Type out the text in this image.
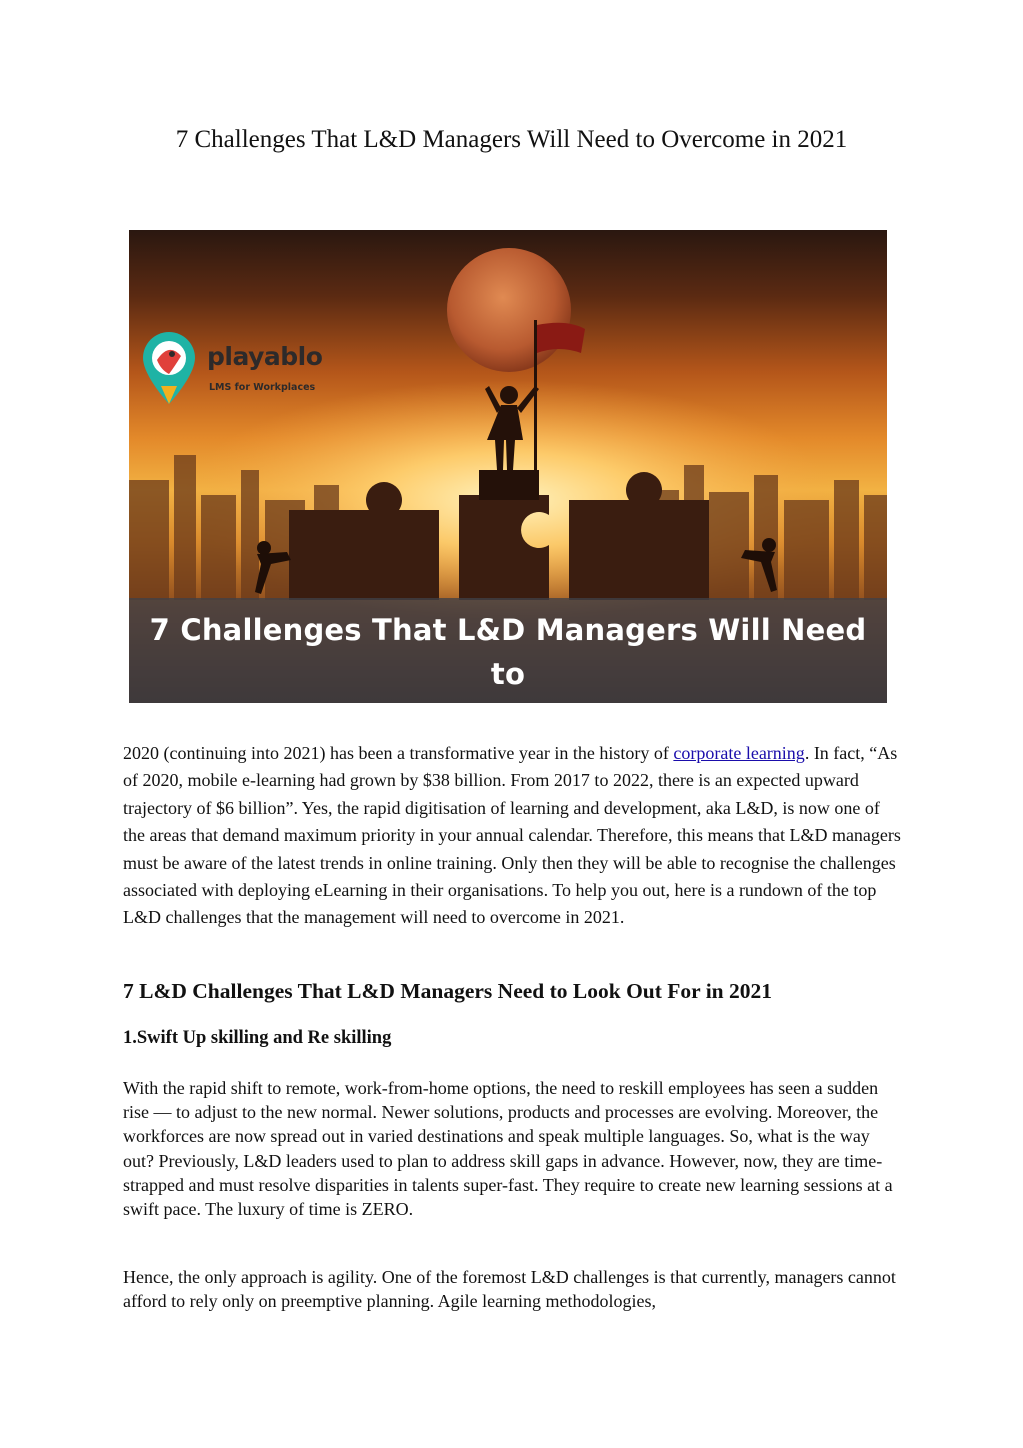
7 Challenges That L&D Managers Will Need to Overcome in 2021
playablo
LMS for Workplaces
7 Challenges That L&D Managers Will Need to
Overcome in 2021

2020 (continuing into 2021) has been a transformative year in the history of corporate learning. In fact, “As of 2020, mobile e-learning had grown by $38 billion. From 2017 to 2022, there is an expected upward trajectory of $6 billion”. Yes, the rapid digitisation of learning and development, aka L&D, is now one of the areas that demand maximum priority in your annual calendar. Therefore, this means that L&D managers must be aware of the latest trends in online training. Only then they will be able to recognise the challenges associated with deploying eLearning in their organisations. To help you out, here is a rundown of the top L&D challenges that the management will need to overcome in 2021.

7 L&D Challenges That L&D Managers Need to Look Out For in 2021
1.Swift Up skilling and Re skilling

With the rapid shift to remote, work-from-home options, the need to reskill employees has seen a sudden rise — to adjust to the new normal. Newer solutions, products and processes are evolving. Moreover, the workforces are now spread out in varied destinations and speak multiple languages. So, what is the way out? Previously, L&D leaders used to plan to address skill gaps in advance. However, now, they are time-strapped and must resolve disparities in talents super-fast. They require to create new learning sessions at a swift pace. The luxury of time is ZERO.

Hence, the only approach is agility. One of the foremost L&D challenges is that currently, managers cannot afford to rely only on preemptive planning. Agile learning methodologies,
